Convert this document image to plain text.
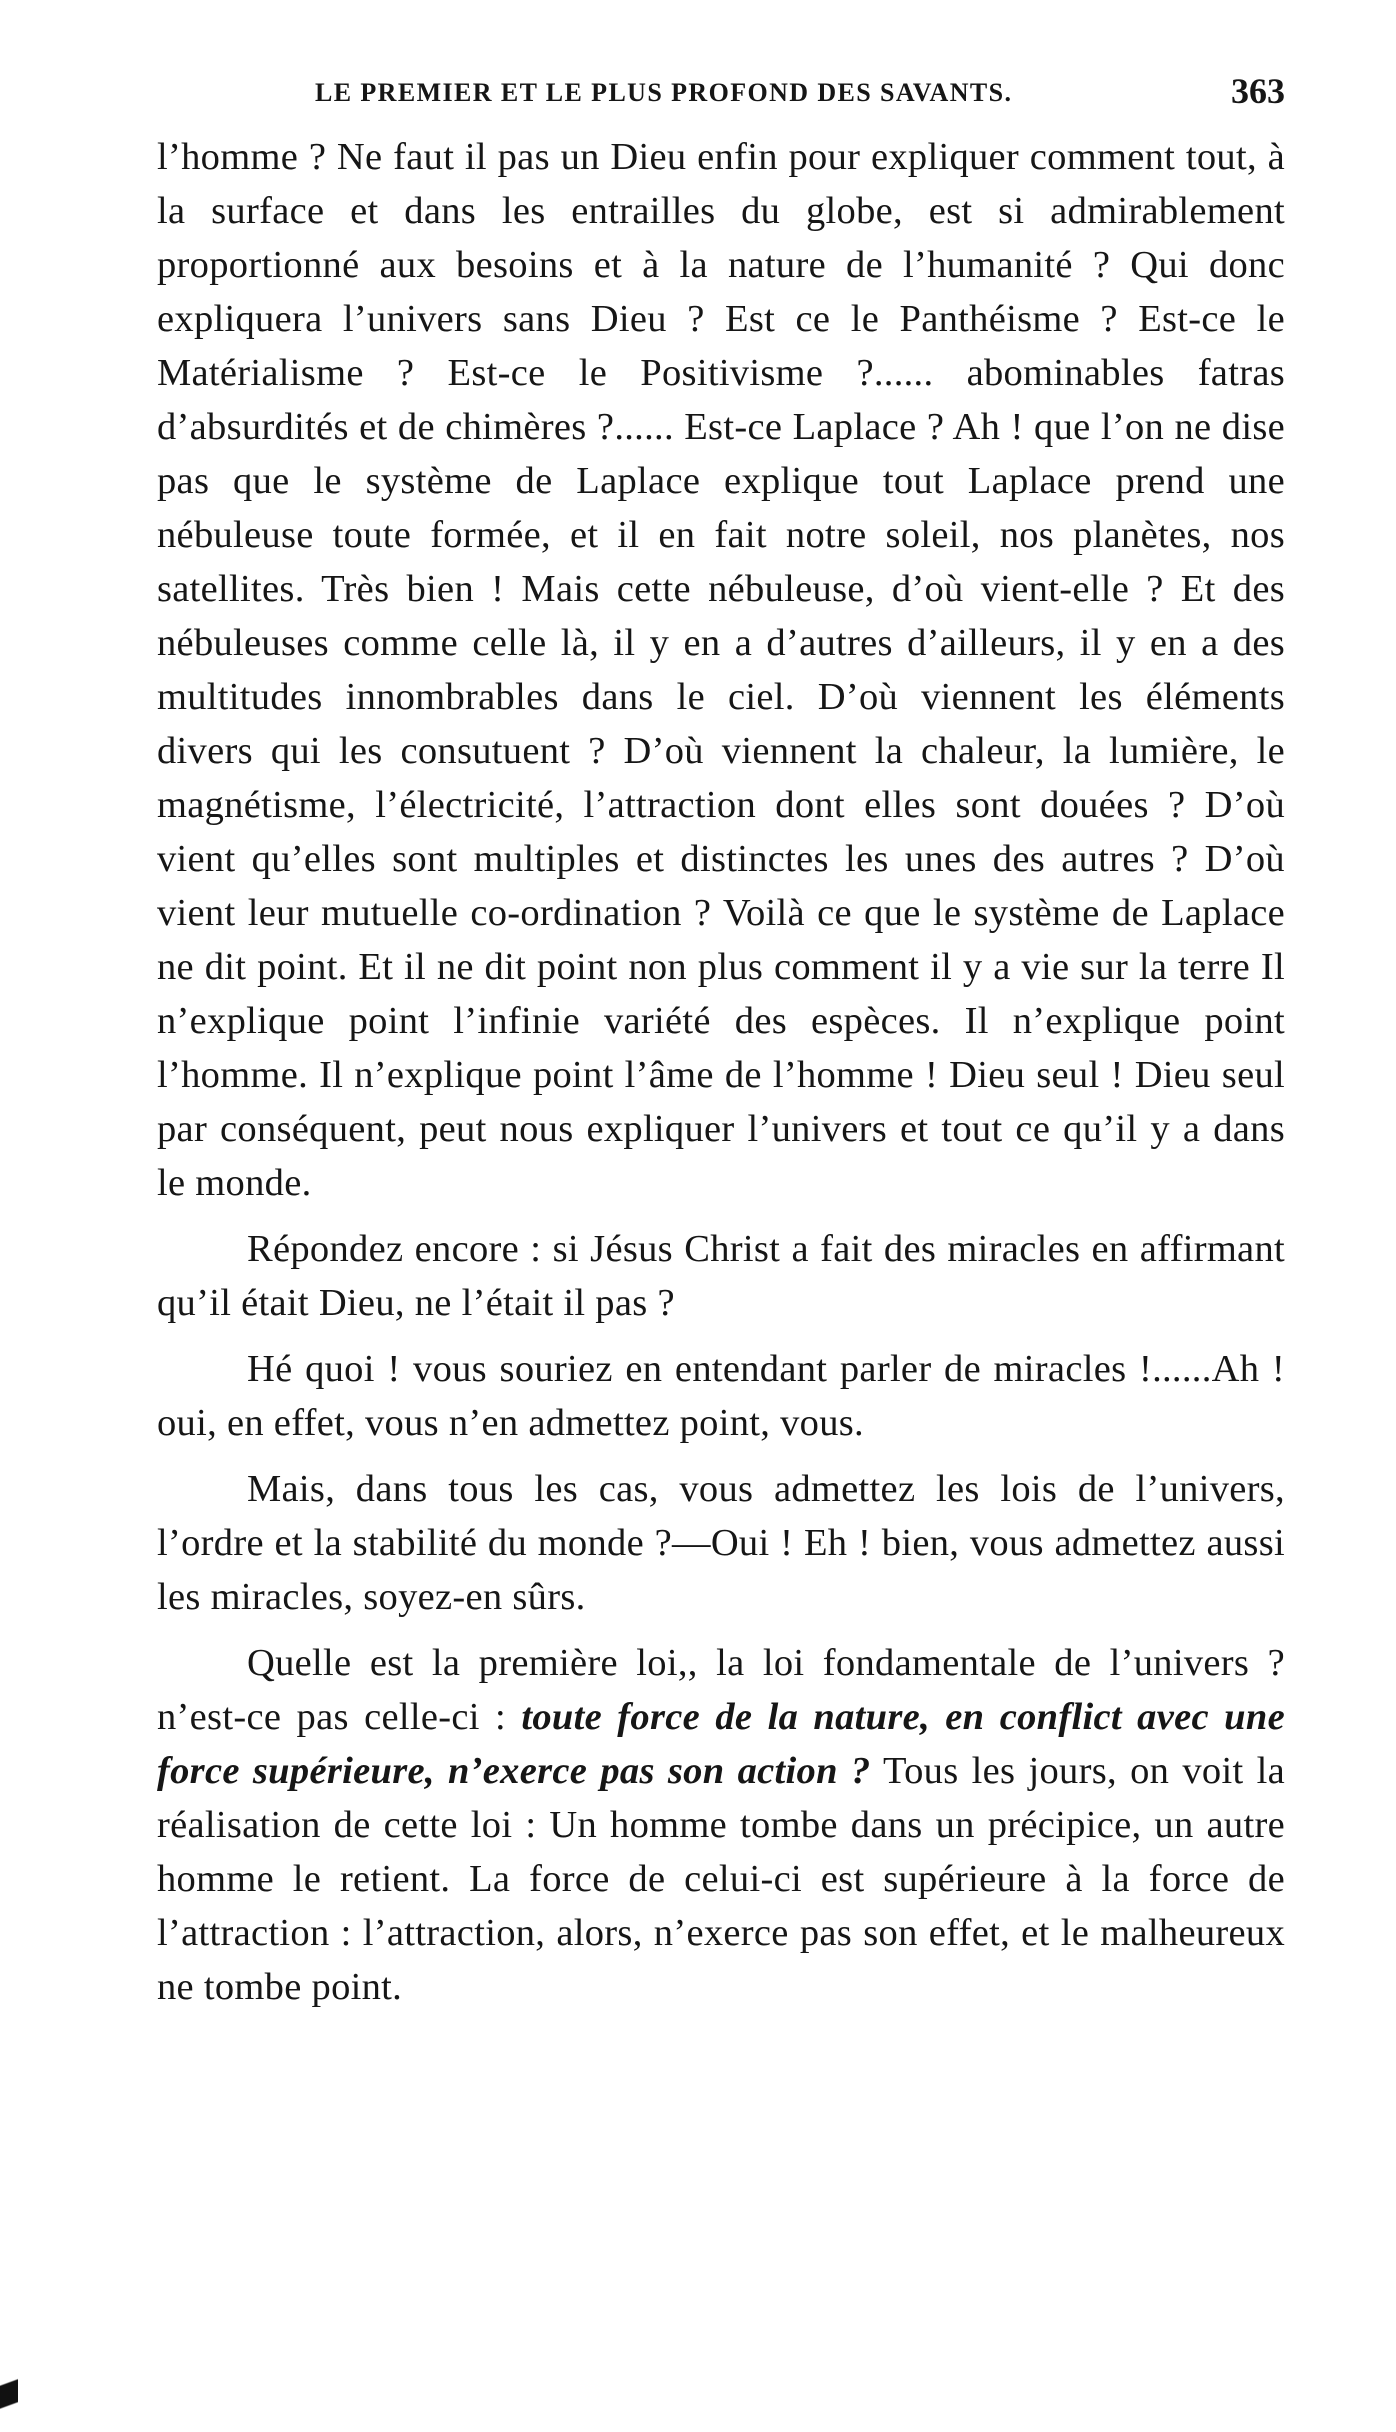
LE PREMIER ET LE PLUS PROFOND DES SAVANTS.	363

l’homme ? Ne faut il pas un Dieu enfin pour expliquer comment tout, à la surface et dans les entrailles du globe, est si admirablement proportionné aux besoins et à la nature de l’humanité ? Qui donc expliquera l’univers sans Dieu ? Est ce le Panthéisme ? Est-ce le Matérialisme ? Est-ce le Positivisme ?...... abominables fatras d’absurdités et de chimères ?...... Est-ce Laplace ? Ah ! que l’on ne dise pas que le système de Laplace explique tout Laplace prend une nébuleuse toute formée, et il en fait notre soleil, nos planètes, nos satellites. Très bien ! Mais cette nébuleuse, d’où vient-elle ? Et des nébuleuses comme celle là, il y en a d’autres d’ailleurs, il y en a des multitudes innombrables dans le ciel. D’où viennent les éléments divers qui les consutuent ? D’où viennent la chaleur, la lumière, le magnétisme, l’électricité, l’attraction dont elles sont douées ? D’où vient qu’elles sont multiples et distinctes les unes des autres ? D’où vient leur mutuelle co-ordination ? Voilà ce que le système de Laplace ne dit point. Et il ne dit point non plus comment il y a vie sur la terre Il n’explique point l’infinie variété des espèces. Il n’explique point l’homme. Il n’explique point l’âme de l’homme ! Dieu seul ! Dieu seul par conséquent, peut nous expliquer l’univers et tout ce qu’il y a dans le monde.

Répondez encore : si Jésus Christ a fait des miracles en affirmant qu’il était Dieu, ne l’était il pas ?

Hé quoi ! vous souriez en entendant parler de miracles !......Ah ! oui, en effet, vous n’en admettez point, vous.

Mais, dans tous les cas, vous admettez les lois de l’univers, l’ordre et la stabilité du monde ?—Oui ! Eh ! bien, vous admettez aussi les miracles, soyez-en sûrs.

Quelle est la première loi,, la loi fondamentale de l’univers ? n’est-ce pas celle-ci : toute force de la nature, en conflict avec une force supérieure, n’exerce pas son action ? Tous les jours, on voit la réalisation de cette loi : Un homme tombe dans un précipice, un autre homme le retient. La force de celui-ci est supérieure à la force de l’attraction : l’attraction, alors, n’exerce pas son effet, et le malheureux ne tombe point.
